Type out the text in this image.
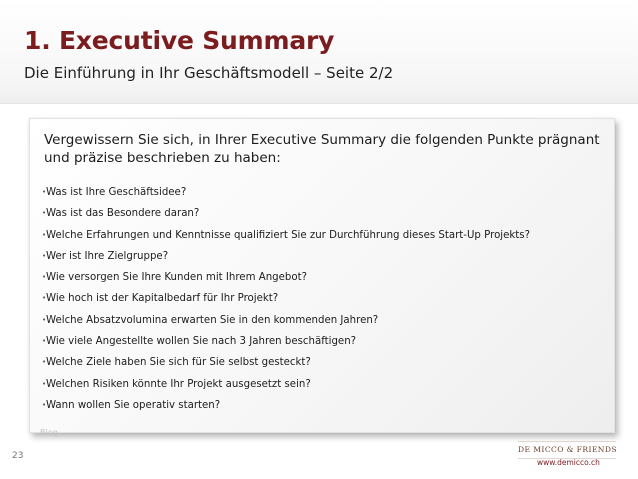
1. Executive Summary
Die Einführung in Ihr Geschäftsmodell – Seite 2/2
Vergewissern Sie sich, in Ihrer Executive Summary die folgenden Punkte prägnant und präzise beschrieben zu haben:
•Was ist Ihre Geschäftsidee?
•Was ist das Besondere daran?
•Welche Erfahrungen und Kenntnisse qualifiziert Sie zur Durchführung dieses Start-Up Projekts?
•Wer ist Ihre Zielgruppe?
•Wie versorgen Sie Ihre Kunden mit Ihrem Angebot?
•Wie hoch ist der Kapitalbedarf für Ihr Projekt?
•Welche Absatzvolumina erwarten Sie in den kommenden Jahren?
•Wie viele Angestellte wollen Sie nach 3 Jahren beschäftigen?
•Welche Ziele haben Sie sich für Sie selbst gesteckt?
•Welchen Risiken könnte Ihr Projekt ausgesetzt sein?
•Wann wollen Sie operativ starten?
Blog
23
DE MICCO & FRIENDS
www.demicco.ch
